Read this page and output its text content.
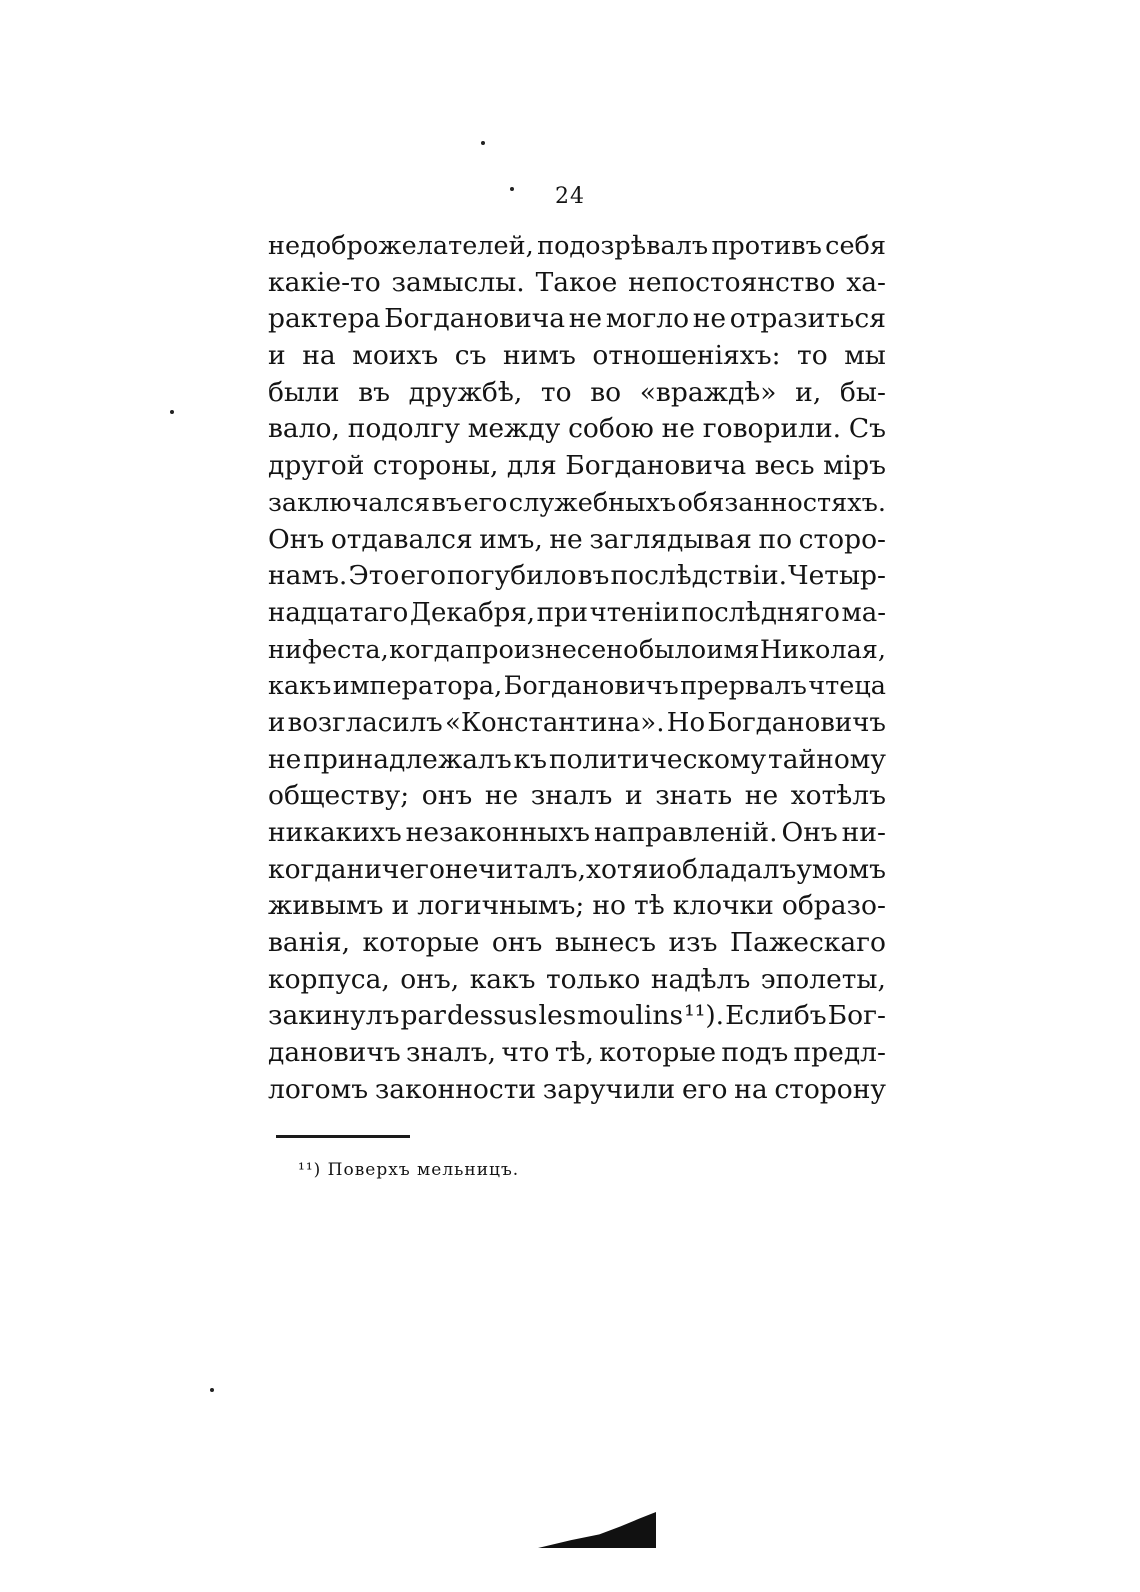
24
недоброжелателей, подозрѣвалъ противъ себя
какіе-то замыслы. Такое непостоянство ха-
рактера Богдановича не могло не отразиться
и на моихъ съ нимъ отношеніяхъ: то мы
были въ дружбѣ, то во «враждѣ» и, бы-
вало, подолгу между собою не говорили. Съ
другой стороны, для Богдановича весь міръ
заключался въ его служебныхъ обязанностяхъ.
Онъ отдавался имъ, не заглядывая по сторо-
намъ. Это его погубило въ послѣдствіи. Четыр-
надцатаго Декабря, при чтеніи послѣдняго ма-
нифеста, когда произнесено было имя Николая,
какъ императора, Богдановичъ прервалъ чтеца
и возгласилъ «Константина». Но Богдановичъ
не принадлежалъ къ политическому тайному
обществу; онъ не зналъ и знать не хотѣлъ
никакихъ незаконныхъ направленій. Онъ ни-
когда ничего не читалъ, хотя и обладалъ умомъ
живымъ и логичнымъ; но тѣ клочки образо-
ванія, которые онъ вынесъ изъ Пажескаго
корпуса, онъ, какъ только надѣлъ эполеты,
закинулъ par dessus les moulins ¹¹). Еслибъ Бог-
дановичъ зналъ, что тѣ, которые подъ предл-
логомъ законности заручили его на сторону
¹¹) Поверхъ мельницъ.
